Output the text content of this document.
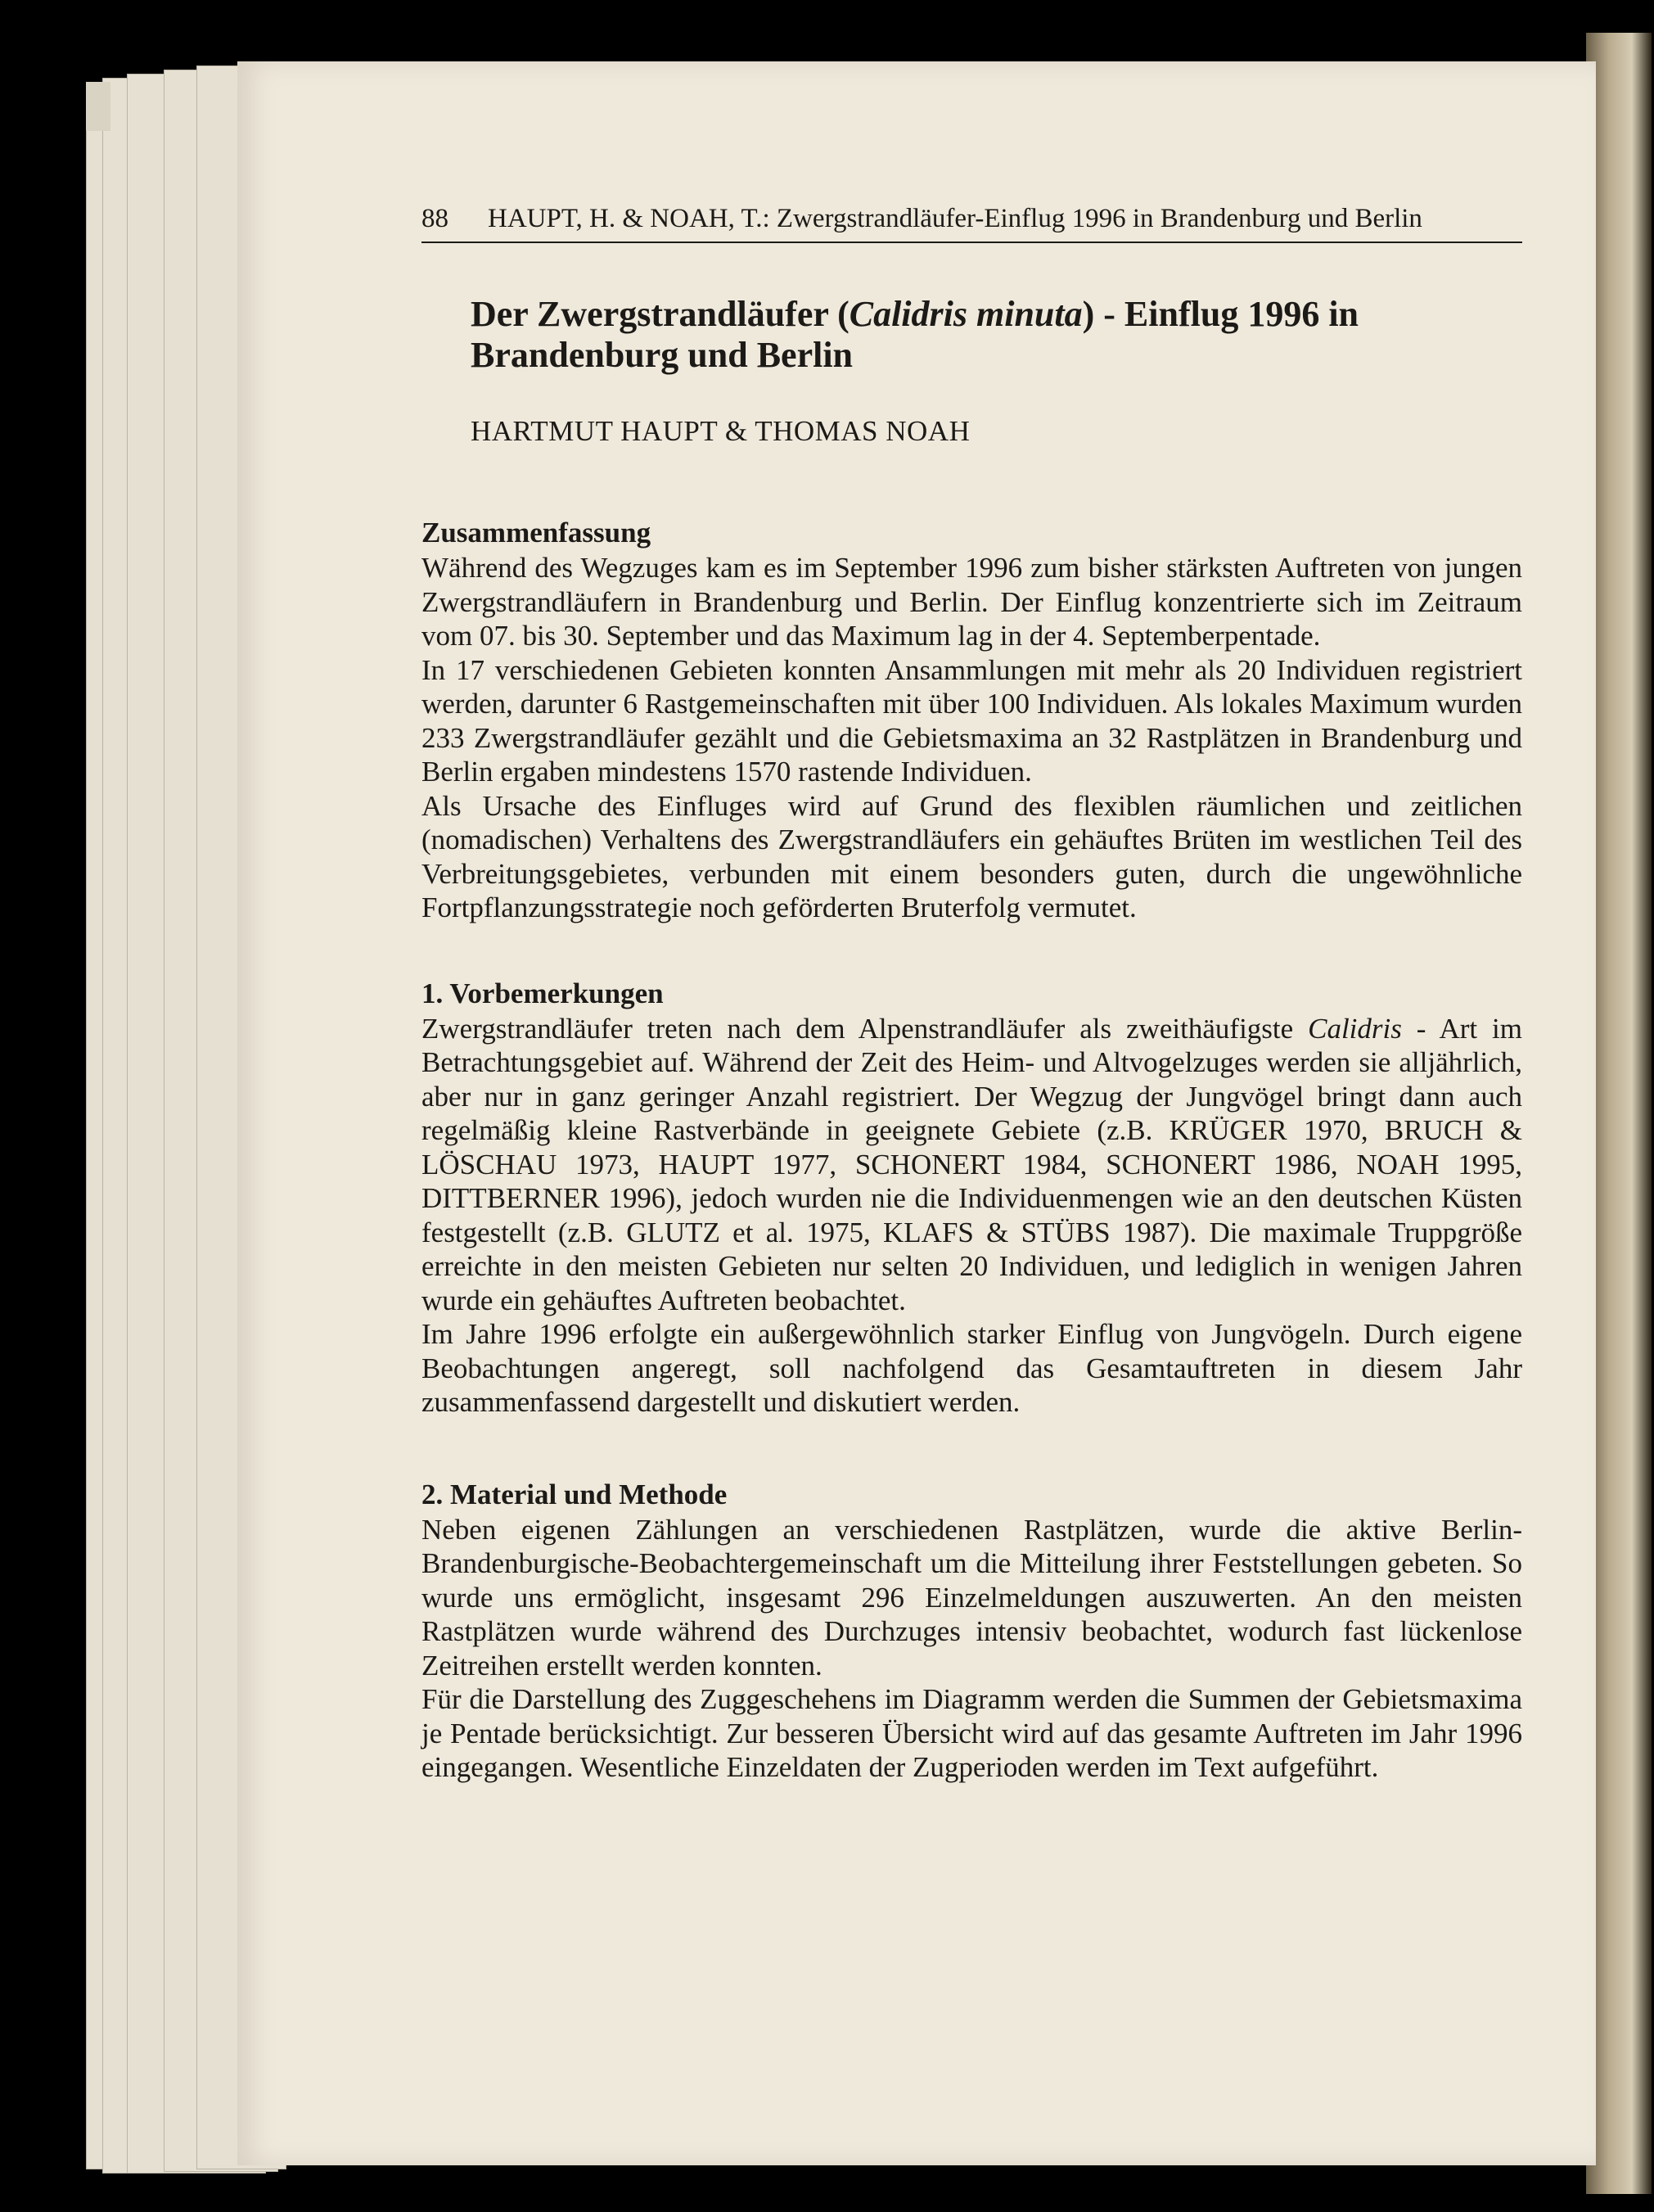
88 HAUPT, H. & NOAH, T.: Zwergstrandläufer-Einflug 1996 in Brandenburg und Berlin
Der Zwergstrandläufer (Calidris minuta) - Einflug 1996 in Brandenburg und Berlin
HARTMUT HAUPT & THOMAS NOAH
Zusammenfassung

Während des Wegzuges kam es im September 1996 zum bisher stärksten Auftreten von jungen Zwergstrandläufern in Brandenburg und Berlin. Der Einflug konzentrierte sich im Zeitraum vom 07. bis 30. September und das Maximum lag in der 4. Septemberpentade.

In 17 verschiedenen Gebieten konnten Ansammlungen mit mehr als 20 Individuen registriert werden, darunter 6 Rastgemeinschaften mit über 100 Individuen. Als lokales Maximum wurden 233 Zwergstrandläufer gezählt und die Gebietsmaxima an 32 Rastplätzen in Brandenburg und Berlin ergaben mindestens 1570 rastende Individuen.

Als Ursache des Einfluges wird auf Grund des flexiblen räumlichen und zeitlichen (nomadischen) Verhaltens des Zwergstrandläufers ein gehäuftes Brüten im westlichen Teil des Verbreitungsgebietes, verbunden mit einem besonders guten, durch die ungewöhnliche Fortpflanzungsstrategie noch geförderten Bruterfolg vermutet.

1. Vorbemerkungen

Zwergstrandläufer treten nach dem Alpenstrandläufer als zweithäufigste Calidris - Art im Betrachtungsgebiet auf. Während der Zeit des Heim- und Altvogelzuges werden sie alljährlich, aber nur in ganz geringer Anzahl registriert. Der Wegzug der Jungvögel bringt dann auch regelmäßig kleine Rastverbände in geeignete Gebiete (z.B. KRÜGER 1970, BRUCH & LÖSCHAU 1973, HAUPT 1977, SCHONERT 1984, SCHONERT 1986, NOAH 1995, DITTBERNER 1996), jedoch wurden nie die Individuenmengen wie an den deutschen Küsten festgestellt (z.B. GLUTZ et al. 1975, KLAFS & STÜBS 1987). Die maximale Truppgröße erreichte in den meisten Gebieten nur selten 20 Individuen, und lediglich in wenigen Jahren wurde ein gehäuftes Auftreten beobachtet.

Im Jahre 1996 erfolgte ein außergewöhnlich starker Einflug von Jungvögeln. Durch eigene Beobachtungen angeregt, soll nachfolgend das Gesamtauftreten in diesem Jahr zusammenfassend dargestellt und diskutiert werden.

2. Material und Methode

Neben eigenen Zählungen an verschiedenen Rastplätzen, wurde die aktive Berlin-Brandenburgische-Beobachtergemeinschaft um die Mitteilung ihrer Feststellungen gebeten. So wurde uns ermöglicht, insgesamt 296 Einzelmeldungen auszuwerten. An den meisten Rastplätzen wurde während des Durchzuges intensiv beobachtet, wodurch fast lückenlose Zeitreihen erstellt werden konnten.

Für die Darstellung des Zuggeschehens im Diagramm werden die Summen der Gebietsmaxima je Pentade berücksichtigt. Zur besseren Übersicht wird auf das gesamte Auftreten im Jahr 1996 eingegangen. Wesentliche Einzeldaten der Zugperioden werden im Text aufgeführt.
